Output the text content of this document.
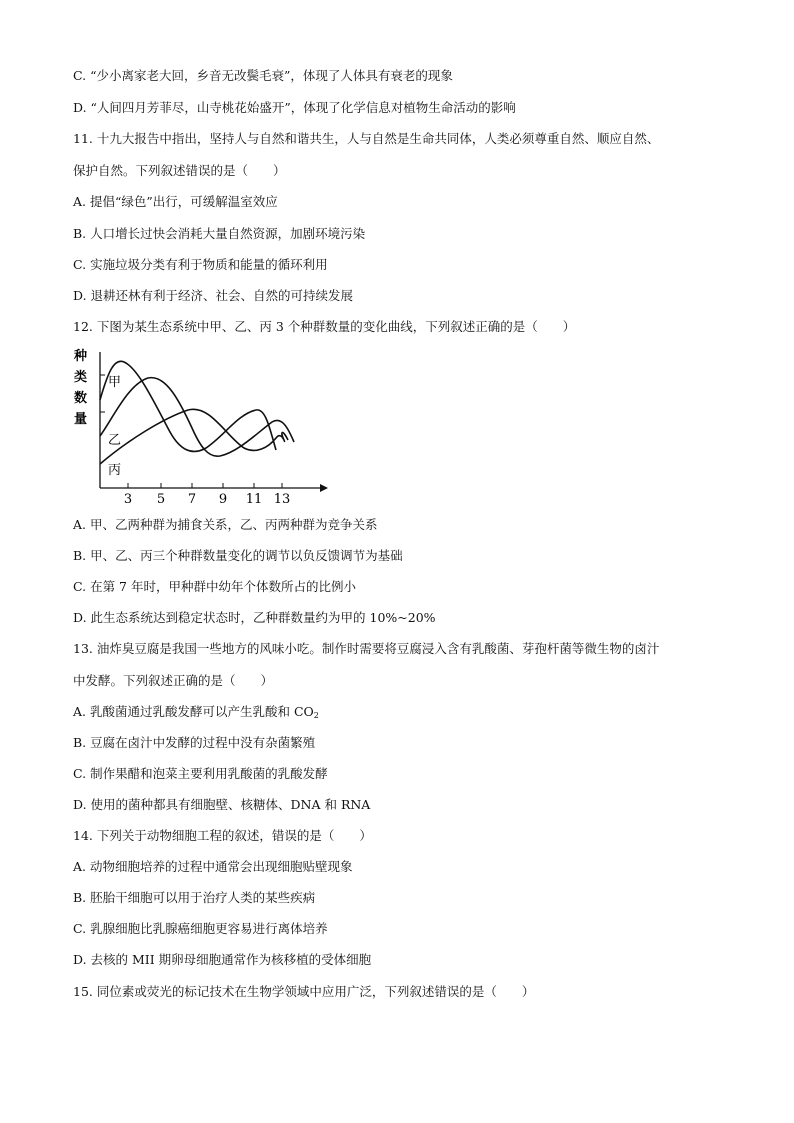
C. “少小离家老大回，乡音无改鬓毛衰”，体现了人体具有衰老的现象
D. “人间四月芳菲尽，山寺桃花始盛开”，体现了化学信息对植物生命活动的影响
11. 十九大报告中指出，坚持人与自然和谐共生，人与自然是生命共同体，人类必须尊重自然、顺应自然、
保护自然。下列叙述错误的是（　　）
A. 提倡“绿色”出行，可缓解温室效应
B. 人口增长过快会消耗大量自然资源，加剧环境污染
C. 实施垃圾分类有利于物质和能量的循环利用
D. 退耕还林有利于经济、社会、自然的可持续发展
12. 下图为某生态系统中甲、乙、丙 3 个种群数量的变化曲线，下列叙述正确的是（　　）
种
类
数
量
甲
乙
丙
3 5 7 9 11 13
A. 甲、乙两种群为捕食关系，乙、丙两种群为竞争关系
B. 甲、乙、丙三个种群数量变化的调节以负反馈调节为基础
C. 在第 7 年时，甲种群中幼年个体数所占的比例小
D. 此生态系统达到稳定状态时，乙种群数量约为甲的 10%~20%
13. 油炸臭豆腐是我国一些地方的风味小吃。制作时需要将豆腐浸入含有乳酸菌、芽孢杆菌等微生物的卤汁
中发酵。下列叙述正确的是（　　）
A. 乳酸菌通过乳酸发酵可以产生乳酸和 $CO_2$
B. 豆腐在卤汁中发酵的过程中没有杂菌繁殖
C. 制作果醋和泡菜主要利用乳酸菌的乳酸发酵
D. 使用的菌种都具有细胞壁、核糖体、DNA 和 RNA
14. 下列关于动物细胞工程的叙述，错误的是（　　）
A. 动物细胞培养的过程中通常会出现细胞贴壁现象
B. 胚胎干细胞可以用于治疗人类的某些疾病
C. 乳腺细胞比乳腺癌细胞更容易进行离体培养
D. 去核的 MII 期卵母细胞通常作为核移植的受体细胞
15. 同位素或荧光的标记技术在生物学领域中应用广泛，下列叙述错误的是（　　）
